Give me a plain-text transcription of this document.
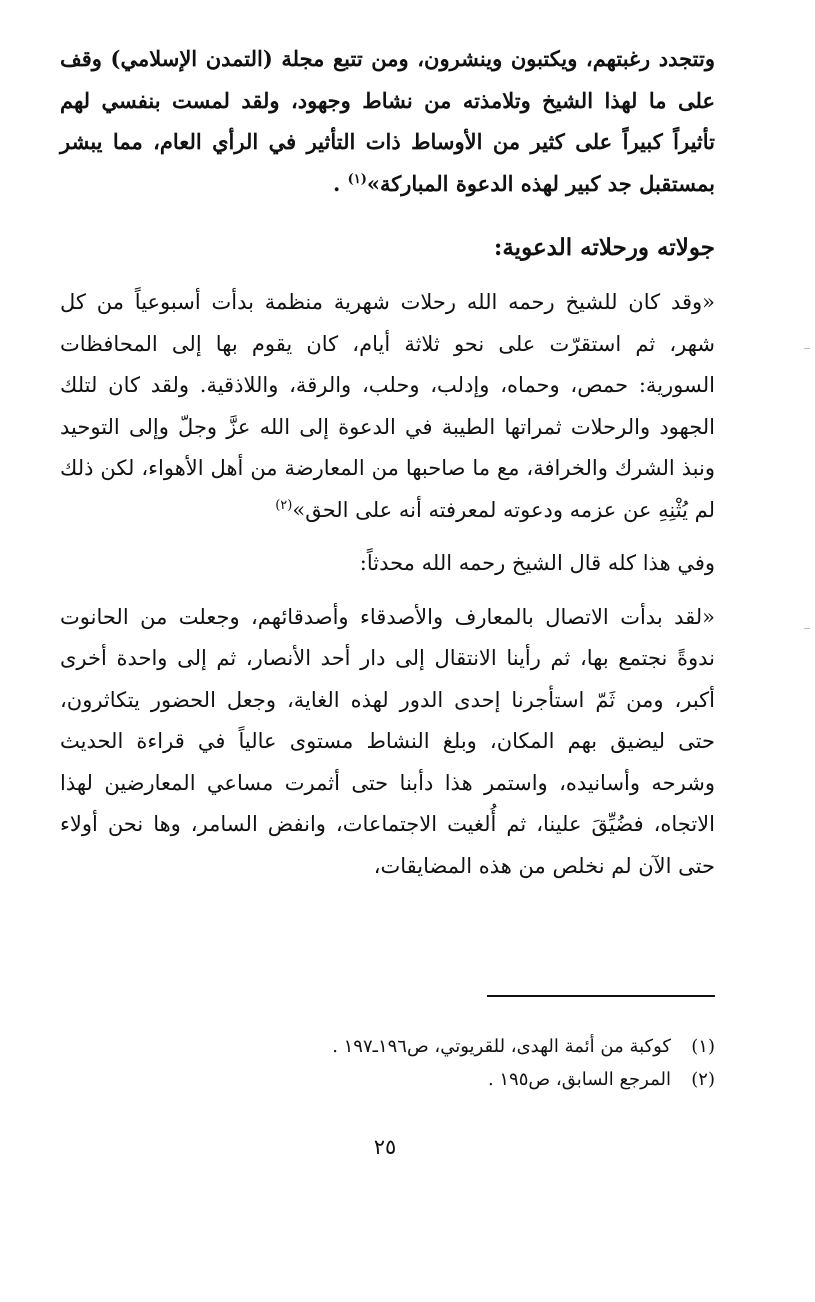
وتتجدد رغبتهم، ويكتبون وينشرون، ومن تتبع مجلة (التمدن الإسلامي) وقف على ما لهذا الشيخ وتلامذته من نشاط وجهود، ولقد لمست بنفسي لهم تأثيراً كبيراً على كثير من الأوساط ذات التأثير في الرأي العام، مما يبشر بمستقبل جد كبير لهذه الدعوة المباركة»$^{(١)}$ .

جولاته ورحلاته الدعوية:

«وقد كان للشيخ رحمه الله رحلات شهرية منظمة بدأت أسبوعياً من كل شهر، ثم استقرّت على نحو ثلاثة أيام، كان يقوم بها إلى المحافظات السورية: حمص، وحماه، وإدلب، وحلب، والرقة، واللاذقية. ولقد كان لتلك الجهود والرحلات ثمراتها الطيبة في الدعوة إلى الله عزَّ وجلّ وإلى التوحيد ونبذ الشرك والخرافة، مع ما صاحبها من المعارضة من أهل الأهواء، لكن ذلك لم يُثْنِهِ عن عزمه ودعوته لمعرفته أنه على الحق»$^{(٢)}$

وفي هذا كله قال الشيخ رحمه الله محدثاً:

«لقد بدأت الاتصال بالمعارف والأصدقاء وأصدقائهم، وجعلت من الحانوت ندوةً نجتمع بها، ثم رأينا الانتقال إلى دار أحد الأنصار، ثم إلى واحدة أخرى أكبر، ومن ثَمّ استأجرنا إحدى الدور لهذه الغاية، وجعل الحضور يتكاثرون، حتى ليضيق بهم المكان، وبلغ النشاط مستوى عالياً في قراءة الحديث وشرحه وأسانيده، واستمر هذا دأبنا حتى أثمرت مساعي المعارضين لهذا الاتجاه، فضُيِّقَ علينا، ثم أُلغيت الاجتماعات، وانفض السامر، وها نحن أولاء حتى الآن لم نخلص من هذه المضايقات،

(١)
كوكبة من أئمة الهدى، للقريوتي، ص١٩٦ـ١٩٧ .
(٢)
المرجع السابق، ص١٩٥ .
٢٥
